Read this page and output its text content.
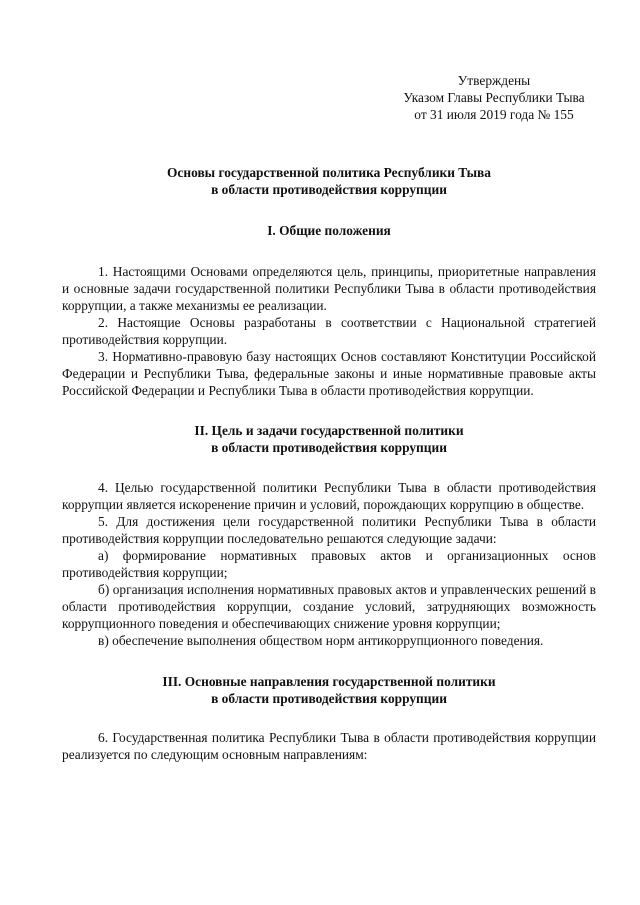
Утверждены
Указом Главы Республики Тыва
от 31 июля 2019 года № 155
Основы государственной политика Республики Тыва
в области противодействия коррупции
I. Общие положения

1. Настоящими Основами определяются цель, принципы, приоритетные направления и основные задачи государственной политики Республики Тыва в области противодействия коррупции, а также механизмы ее реализации.

2. Настоящие Основы разработаны в соответствии с Национальной стратегией противодействия коррупции.

3. Нормативно-правовую базу настоящих Основ составляют Конституции Российской Федерации и Республики Тыва, федеральные законы и иные нормативные правовые акты Российской Федерации и Республики Тыва в области противодействия коррупции.

II. Цель и задачи государственной политики
в области противодействия коррупции

4. Целью государственной политики Республики Тыва в области противодействия коррупции является искоренение причин и условий, порождающих коррупцию в обществе.

5. Для достижения цели государственной политики Республики Тыва в области противодействия коррупции последовательно решаются следующие задачи:

а) формирование нормативных правовых актов и организационных основ противодействия коррупции;

б) организация исполнения нормативных правовых актов и управленческих решений в области противодействия коррупции, создание условий, затрудняющих возможность коррупционного поведения и обеспечивающих снижение уровня коррупции;

в) обеспечение выполнения обществом норм антикоррупционного поведения.

III. Основные направления государственной политики
в области противодействия коррупции

6. Государственная политика Республики Тыва в области противодействия коррупции реализуется по следующим основным направлениям:
